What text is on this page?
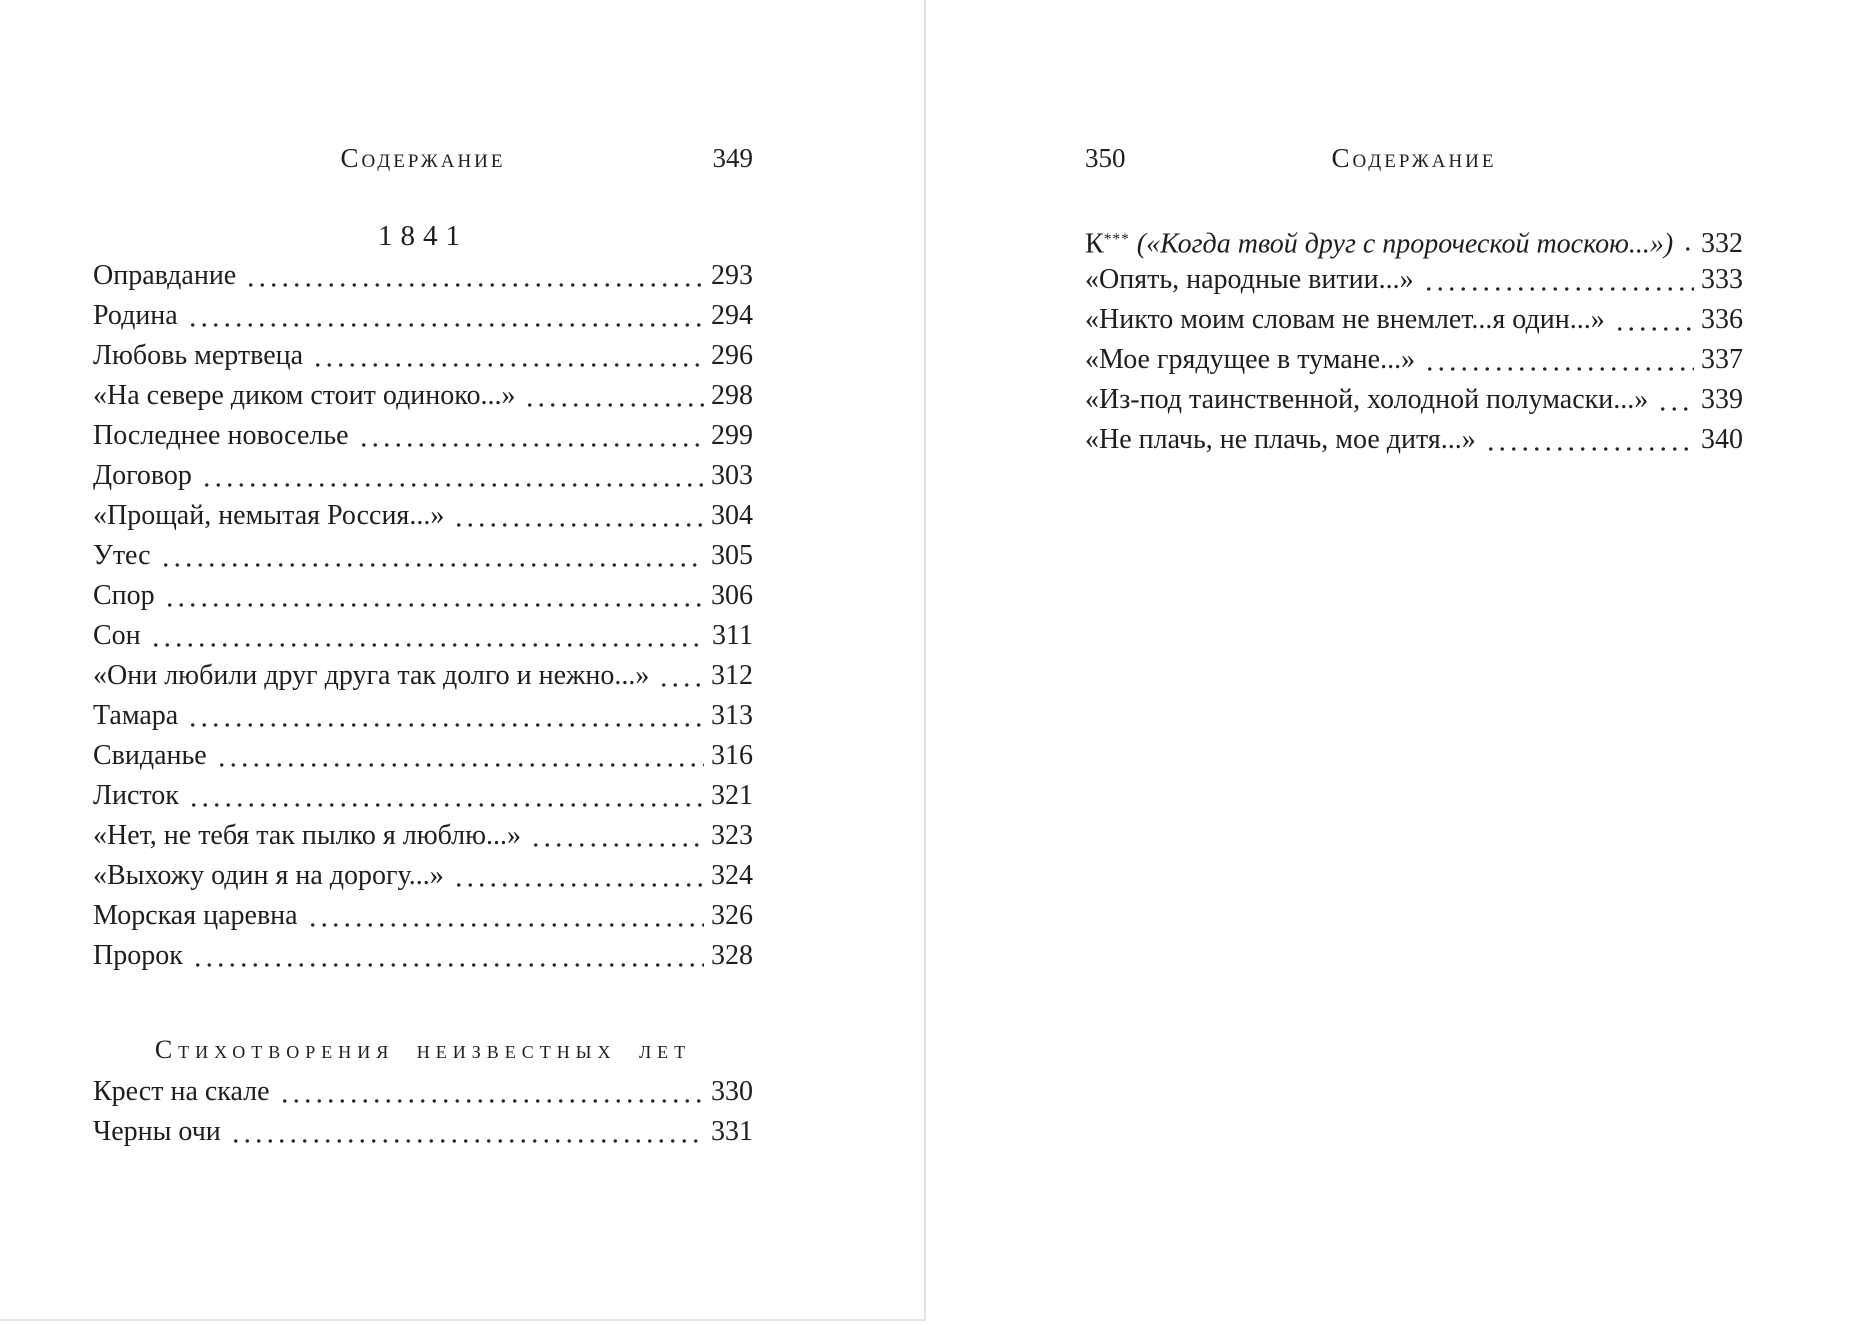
Содержание	349
1841
Оправдание	293
Родина	294
Любовь мертвеца	296
«На севере диком стоит одиноко...»	298
Последнее новоселье	299
Договор	303
«Прощай, немытая Россия...»	304
Утес	305
Спор	306
Сон	311
«Они любили друг друга так долго и нежно...» 312
Тамара	313
Свиданье	316
Листок	321
«Нет, не тебя так пылко я люблю...»	323
«Выхожу один я на дорогу...»	324
Морская царевна	326
Пророк	328
Стихотворения неизвестных лет
Крест на скале	330
Черны очи	331
350	Содержание
К*** («Когда твой друг с пророческой тоскою...») 332
«Опять, народные витии...»	333
«Никто моим словам не внемлет...я один...»	336
«Мое грядущее в тумане...»	337
«Из-под таинственной, холодной полумаски...» 339
«Не плачь, не плачь, мое дитя...»	340
